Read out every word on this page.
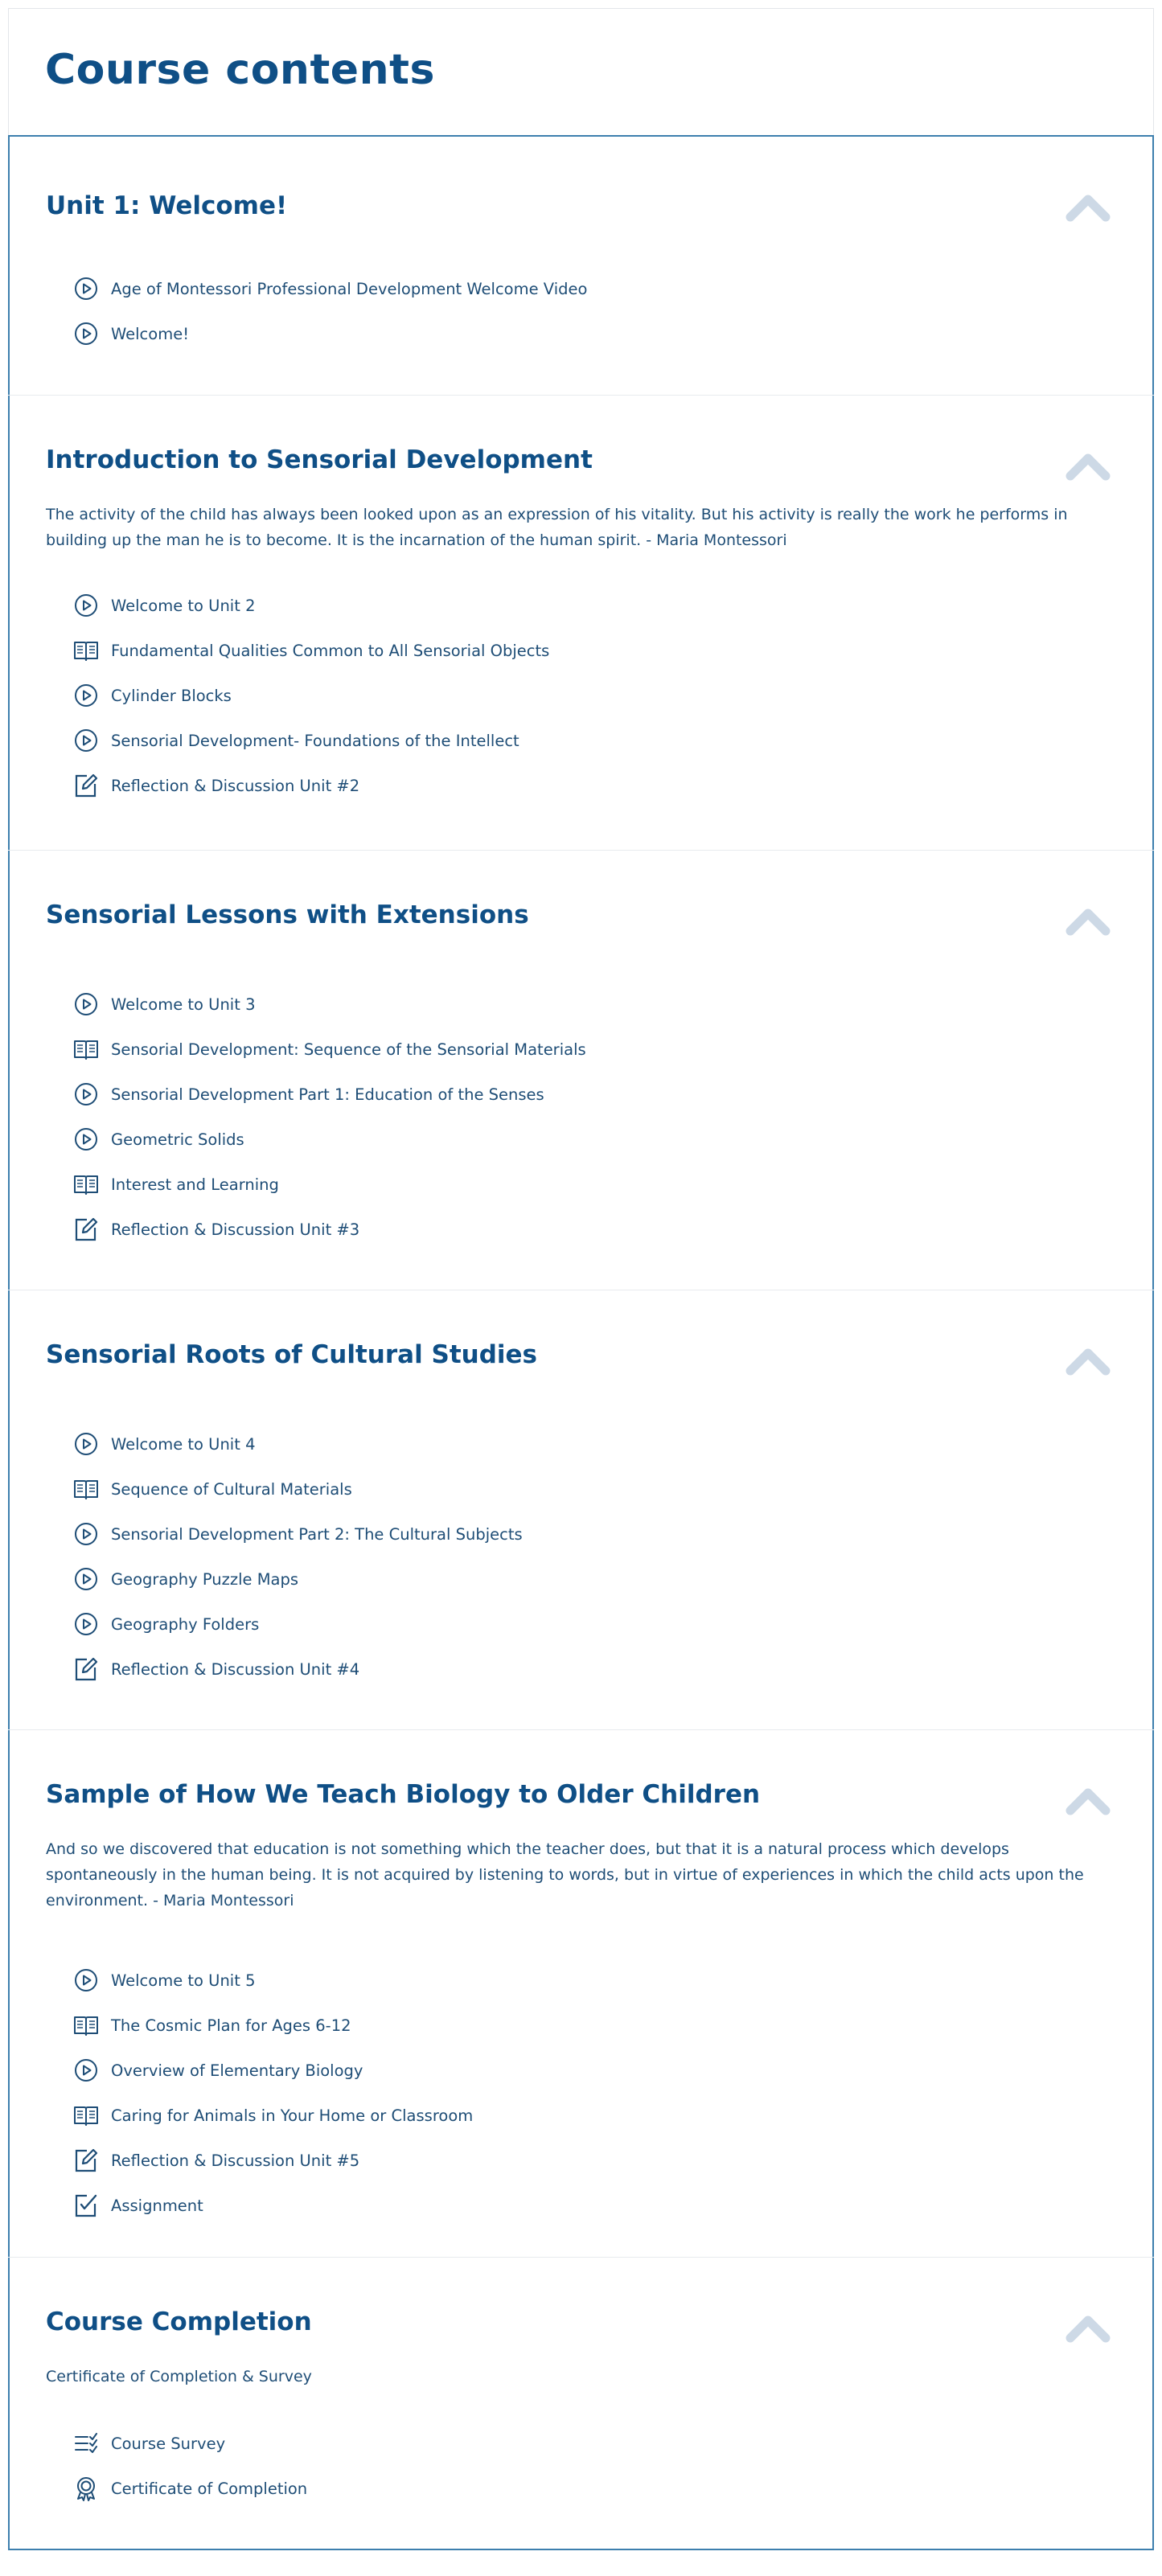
Course contents
Unit 1: Welcome!
Age of Montessori Professional Development Welcome Video
Welcome!
Introduction to Sensorial Development

The activity of the child has always been looked upon as an expression of his vitality. But his activity is really the work he performs in building up the man he is to become. It is the incarnation of the human spirit. - Maria Montessori

Welcome to Unit 2
Fundamental Qualities Common to All Sensorial Objects
Cylinder Blocks
Sensorial Development- Foundations of the Intellect
Reflection & Discussion Unit #2
Sensorial Lessons with Extensions
Welcome to Unit 3
Sensorial Development: Sequence of the Sensorial Materials
Sensorial Development Part 1: Education of the Senses
Geometric Solids
Interest and Learning
Reflection & Discussion Unit #3
Sensorial Roots of Cultural Studies
Welcome to Unit 4
Sequence of Cultural Materials
Sensorial Development Part 2: The Cultural Subjects
Geography Puzzle Maps
Geography Folders
Reflection & Discussion Unit #4
Sample of How We Teach Biology to Older Children

And so we discovered that education is not something which the teacher does, but that it is a natural process which develops spontaneously in the human being. It is not acquired by listening to words, but in virtue of experiences in which the child acts upon the environment. - Maria Montessori

Welcome to Unit 5
The Cosmic Plan for Ages 6-12
Overview of Elementary Biology
Caring for Animals in Your Home or Classroom
Reflection & Discussion Unit #5
Assignment
Course Completion

Certificate of Completion & Survey

Course Survey
Certificate of Completion
